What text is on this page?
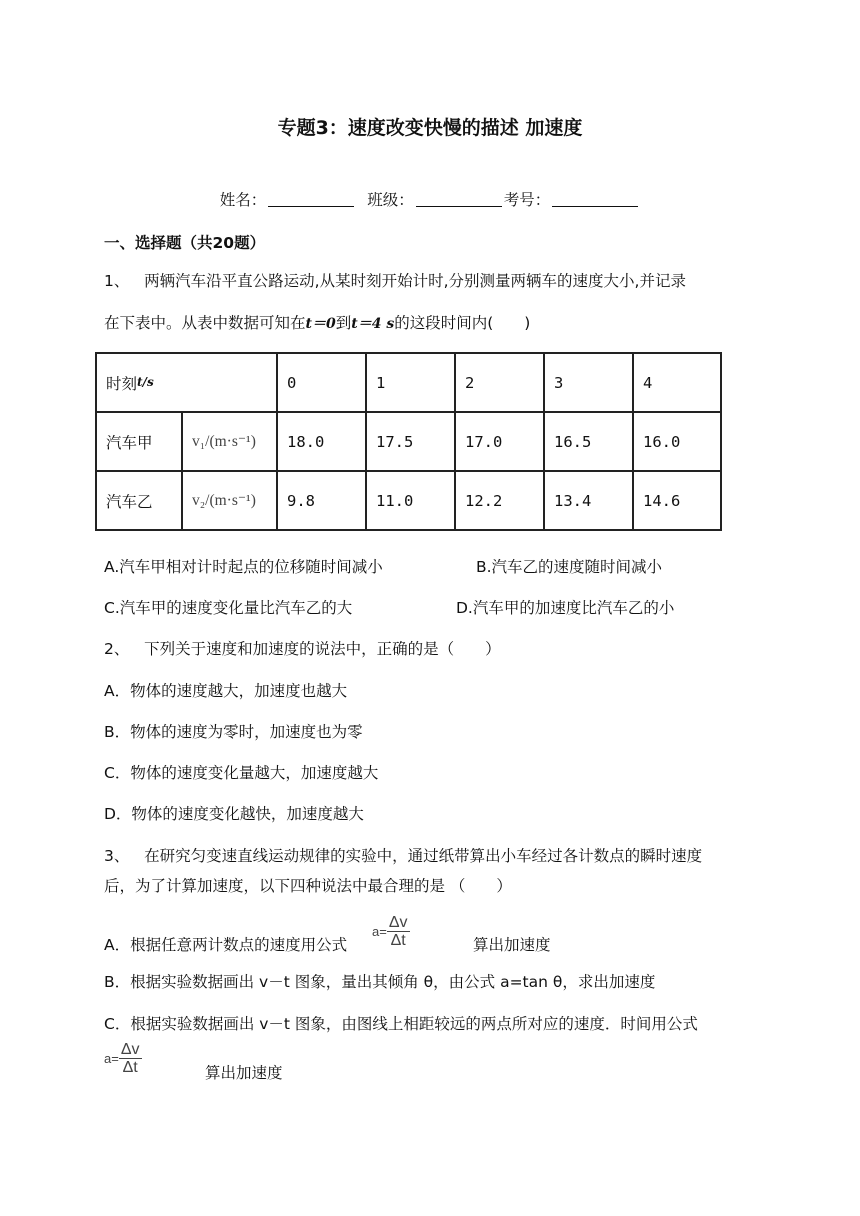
专题3：速度改变快慢的描述 加速度
姓名：	班级：	考号：
一、选择题（共20题）
1、 两辆汽车沿平直公路运动,从某时刻开始计时,分别测量两辆车的速度大小,并记录
在下表中。从表中数据可知在t＝0到t＝4 s的这段时间内(　　)
时刻t/s		0	1	2	3	4
汽车甲	v₁/(m·s⁻¹)	18.0	17.5	17.0	16.5	16.0
汽车乙	v₂/(m·s⁻¹)	9.8	11.0	12.2	13.4	14.6
A.汽车甲相对计时起点的位移随时间减小	B.汽车乙的速度随时间减小
C.汽车甲的速度变化量比汽车乙的大	D.汽车甲的加速度比汽车乙的小
2、 下列关于速度和加速度的说法中，正确的是（　　）
A．物体的速度越大，加速度也越大
B．物体的速度为零时，加速度也为零
C．物体的速度变化量越大，加速度越大
D．物体的速度变化越快，加速度越大
3、 在研究匀变速直线运动规律的实验中，通过纸带算出小车经过各计数点的瞬时速度
后，为了计算加速度，以下四种说法中最合理的是 （　　）
A．根据任意两计数点的速度用公式
$a= \frac{\Delta v}{\Delta t}$	算出加速度
B．根据实验数据画出 v－t 图象，量出其倾角 θ，由公式 a=tan θ，求出加速度
C．根据实验数据画出 v－t 图象，由图线上相距较远的两点所对应的速度．时间用公式
$a= \frac{\Delta v}{\Delta t}$	算出加速度
